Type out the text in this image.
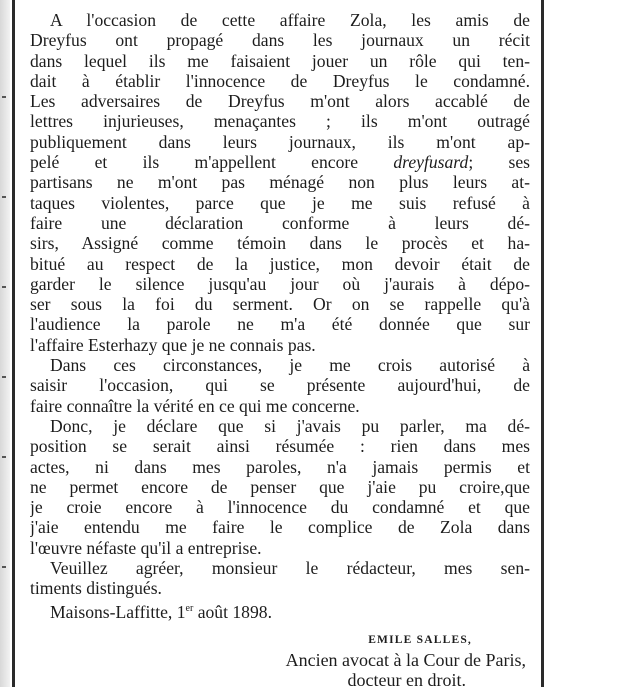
A l'occasion de cette affaire Zola, les amis de
Dreyfus ont propagé dans les journaux un récit
dans lequel ils me faisaient jouer un rôle qui ten-
dait à établir l'innocence de Dreyfus le condamné.
Les adversaires de Dreyfus m'ont alors accablé de
lettres injurieuses, menaçantes ; ils m'ont outragé
publiquement dans leurs journaux, ils m'ont ap-
pelé et ils m'appellent encore dreyfusard; ses
partisans ne m'ont pas ménagé non plus leurs at-
taques violentes, parce que je me suis refusé à
faire une déclaration conforme à leurs dé-
sirs, Assigné comme témoin dans le procès et ha-
bitué au respect de la justice, mon devoir était de
garder le silence jusqu'au jour où j'aurais à dépo-
ser sous la foi du serment. Or on se rappelle qu'à
l'audience la parole ne m'a été donnée que sur
l'affaire Esterhazy que je ne connais pas.

Dans ces circonstances, je me crois autorisé à
saisir l'occasion, qui se présente aujourd'hui, de
faire connaître la vérité en ce qui me concerne.

Donc, je déclare que si j'avais pu parler, ma dé-
position se serait ainsi résumée : rien dans mes
actes, ni dans mes paroles, n'a jamais permis et
ne permet encore de penser que j'aie pu croire,que
je croie encore à l'innocence du condamné et que
j'aie entendu me faire le complice de Zola dans
l'œuvre néfaste qu'il a entreprise.

Veuillez agréer, monsieur le rédacteur, mes sen-
timents distingués.

Maisons-Laffitte, 1er août 1898.

EMILE SALLES,
Ancien avocat à la Cour de Paris,
docteur en droit.
